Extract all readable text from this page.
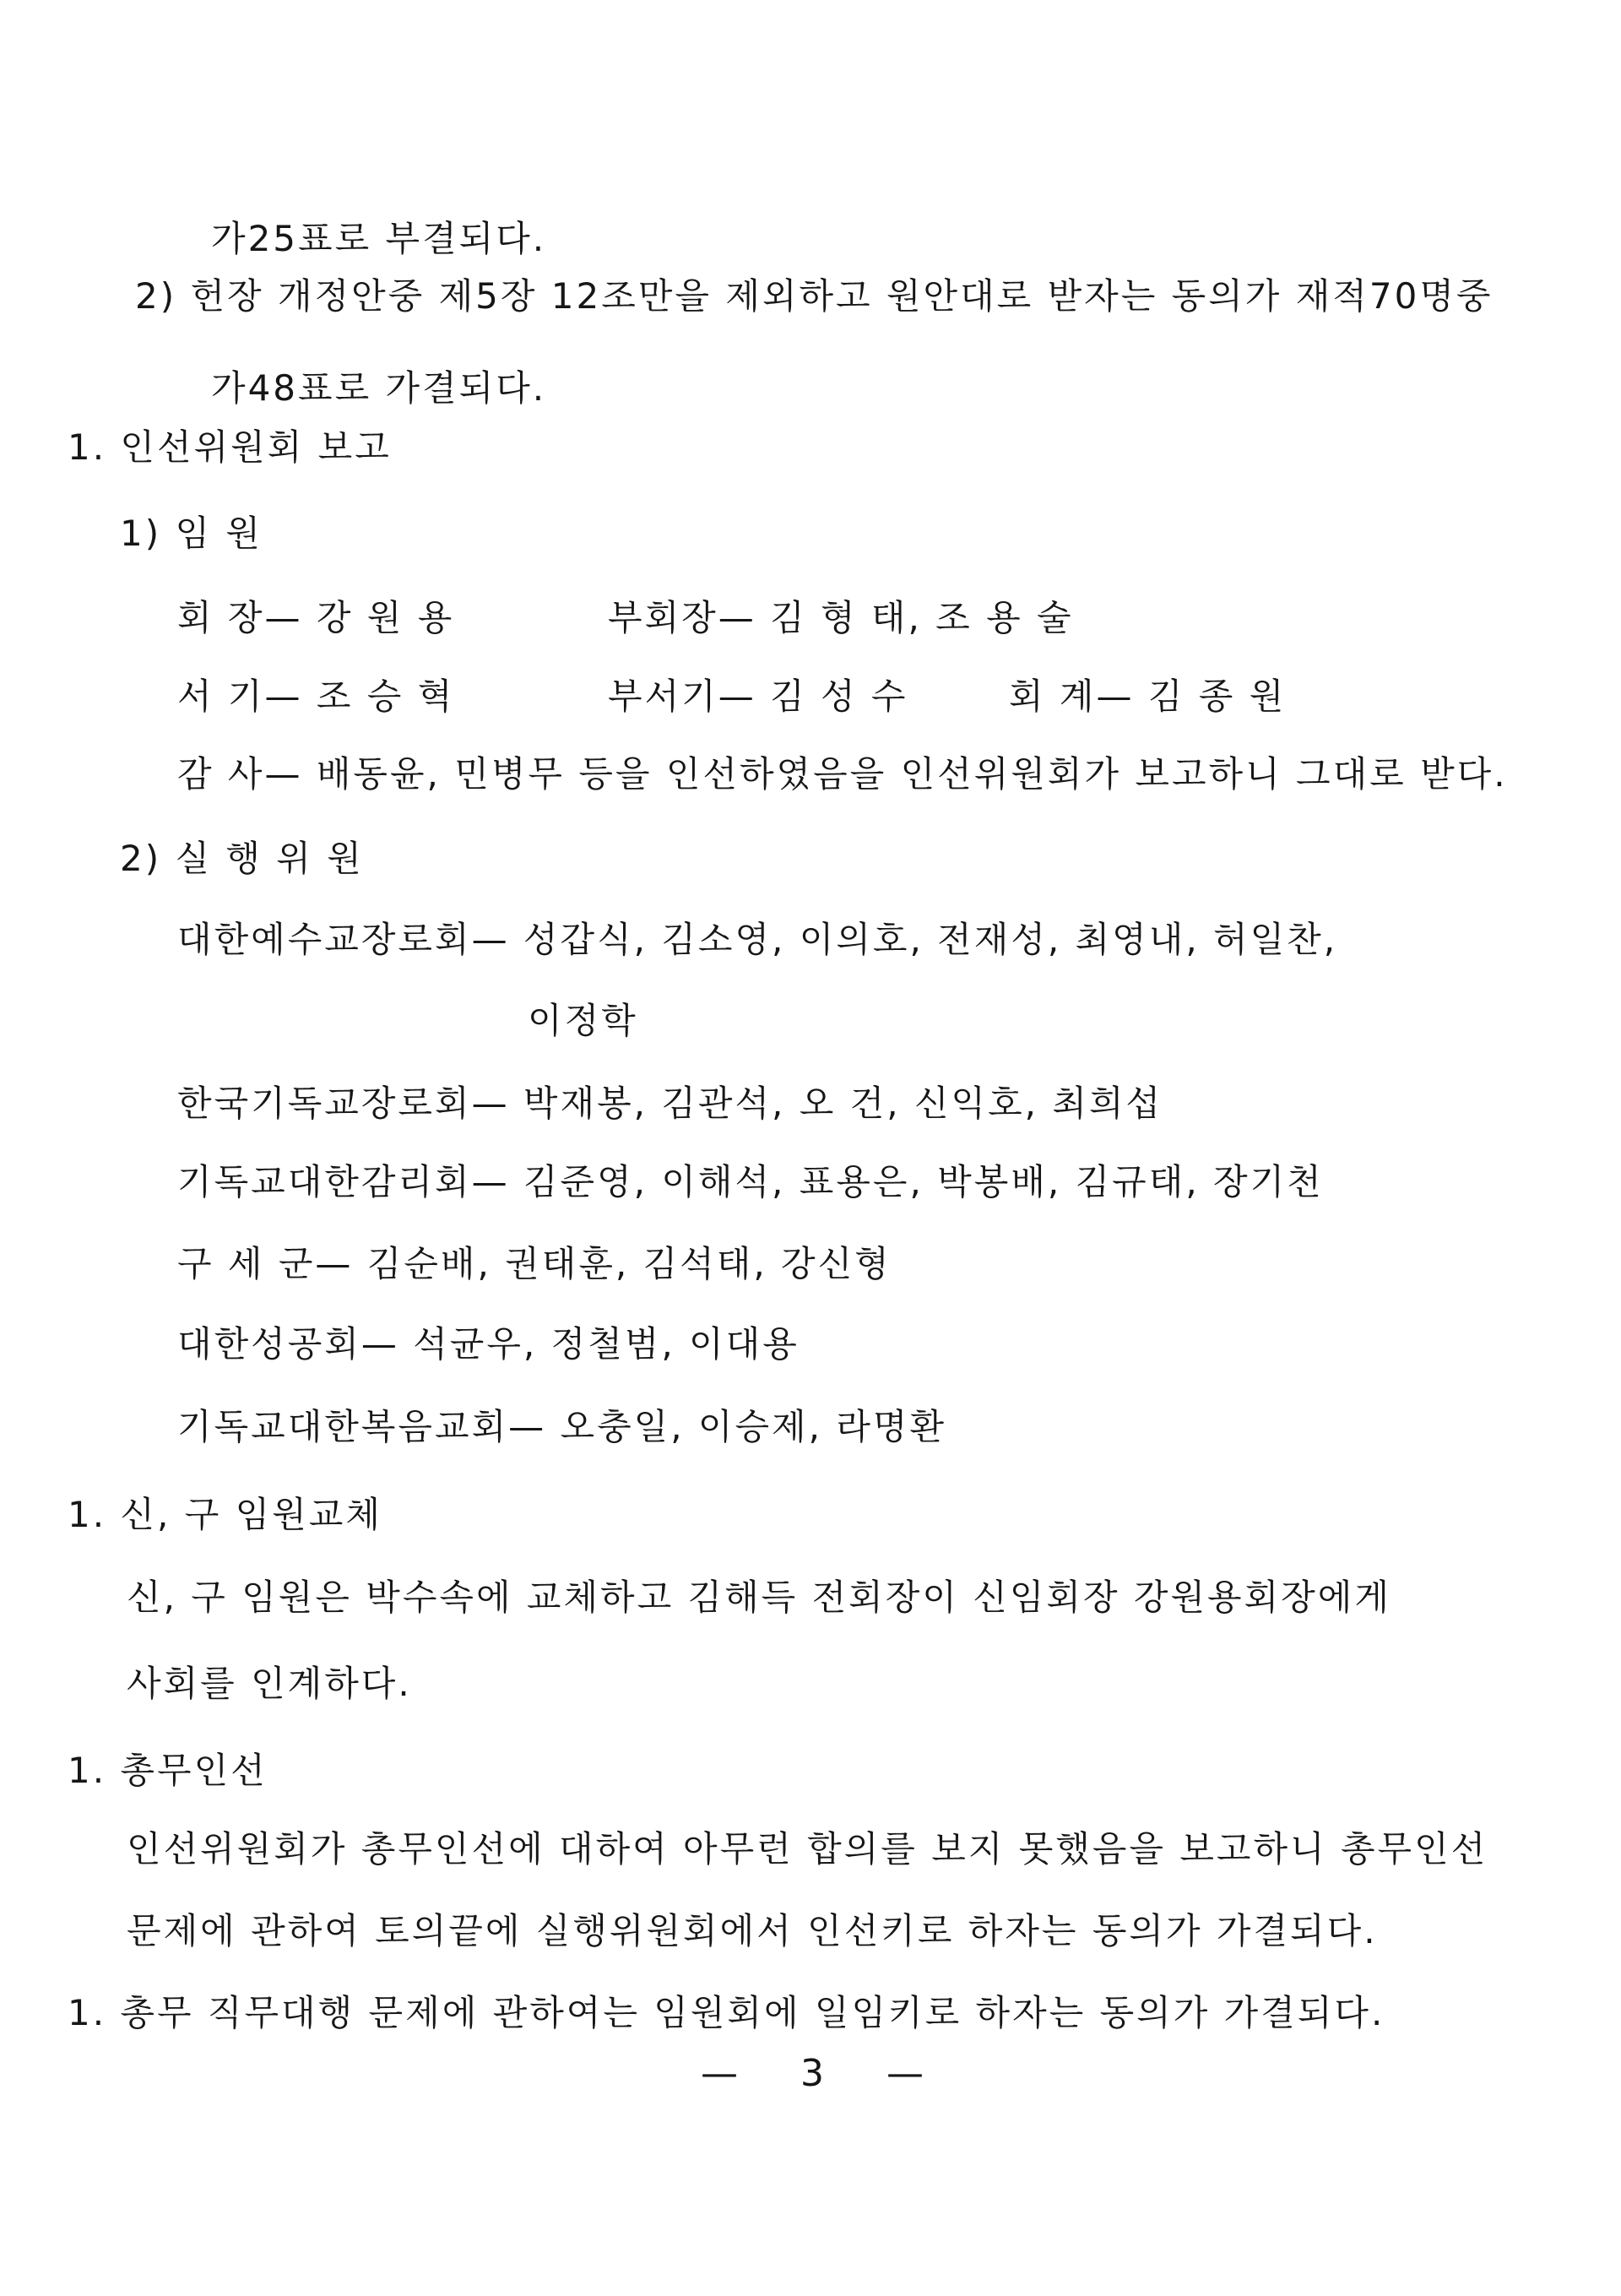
가25표로 부결되다.
2) 헌장 개정안중 제5장 12조만을 제외하고 원안대로 받자는 동의가 재적70명중
가48표로 가결되다.
1. 인선위원회 보고
1) 임 원
회 장— 강 원 용	부회장— 김 형 태, 조 용 술
서 기— 조 승 혁	부서기— 김 성 수	회 계— 김 종 원
감 사— 배동윤, 민병무 등을 인선하였음을 인선위원회가 보고하니 그대로 받다.
2) 실 행 위 원
대한예수교장로회— 성갑식, 김소영, 이의호, 전재성, 최영내, 허일찬,
이정학
한국기독교장로회— 박재봉, 김관석, 오 건, 신익호, 최희섭
기독교대한감리회— 김준영, 이해석, 표용은, 박봉배, 김규태, 장기천
구 세 군— 김순배, 권태훈, 김석태, 강신형
대한성공회— 석균우, 정철범, 이대용
기독교대한복음교회— 오충일, 이승제, 라명환
1. 신, 구 임원교체
신, 구 임원은 박수속에 교체하고 김해득 전회장이 신임회장 강원용회장에게
사회를 인계하다.
1. 총무인선
인선위원회가 총무인선에 대하여 아무런 합의를 보지 못했음을 보고하니 총무인선
문제에 관하여 토의끝에 실행위원회에서 인선키로 하자는 동의가 가결되다.
1. 총무 직무대행 문제에 관하여는 임원회에 일임키로 하자는 동의가 가결되다.
— 3 —
